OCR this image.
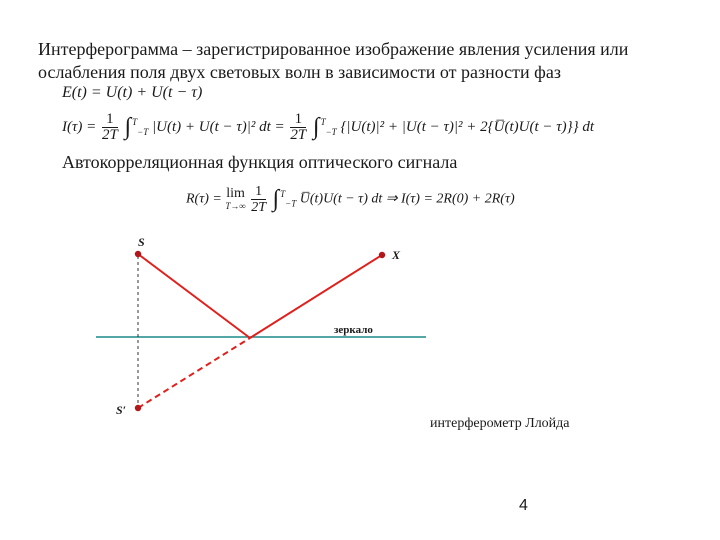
Интерферограмма – зарегистрированное изображение явления усиления или
ослабления поля двух световых волн в зависимости от разности фаз
E(t) = U(t) + U(t − τ)
$I(\tau) = \frac{1}{2T} \int^T_{-T}$ |U(t) + U(t − τ)|² dt = $\frac{1}{2T} \int^T_{-T}$ {|U(t)|² + |U(t − τ)|² + 2{U̅(t)U(t − τ)}} dt
Автокорреляционная функция оптического сигнала
R(τ) = lim
T→∞
$\frac{1}{2T} \int^T_{-T}$ U̅(t)U(t − τ) dt ⇒ I(τ) = 2R(0) + 2R(τ)
S
S′
X
зеркало
интерферометр Ллойда
4
